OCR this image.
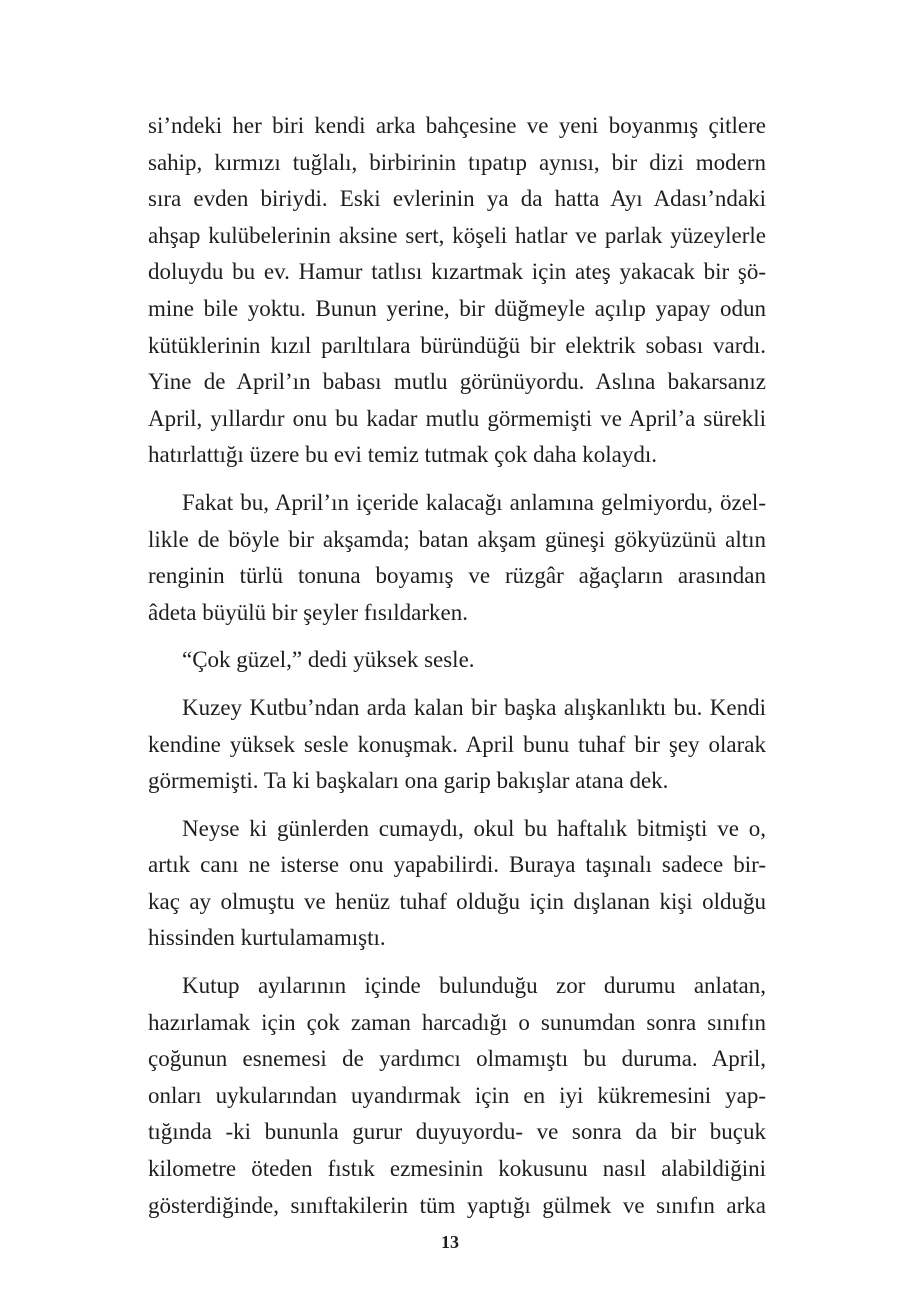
si’ndeki her biri kendi arka bahçesine ve yeni boyanmış çitlere
sahip, kırmızı tuğlalı, birbirinin tıpatıp aynısı, bir dizi modern
sıra evden biriydi. Eski evlerinin ya da hatta Ayı Adası’ndaki
ahşap kulübelerinin aksine sert, köşeli hatlar ve parlak yüzeylerle
doluydu bu ev. Hamur tatlısı kızartmak için ateş yakacak bir şö-
mine bile yoktu. Bunun yerine, bir düğmeyle açılıp yapay odun
kütüklerinin kızıl parıltılara büründüğü bir elektrik sobası vardı.
Yine de April’ın babası mutlu görünüyordu. Aslına bakarsanız
April, yıllardır onu bu kadar mutlu görmemişti ve April’a sürekli
hatırlattığı üzere bu evi temiz tutmak çok daha kolaydı.
Fakat bu, April’ın içeride kalacağı anlamına gelmiyordu, özel-
likle de böyle bir akşamda; batan akşam güneşi gökyüzünü altın
renginin türlü tonuna boyamış ve rüzgâr ağaçların arasından
âdeta büyülü bir şeyler fısıldarken.
“Çok güzel,” dedi yüksek sesle.
Kuzey Kutbu’ndan arda kalan bir başka alışkanlıktı bu. Kendi
kendine yüksek sesle konuşmak. April bunu tuhaf bir şey olarak
görmemişti. Ta ki başkaları ona garip bakışlar atana dek.
Neyse ki günlerden cumaydı, okul bu haftalık bitmişti ve o,
artık canı ne isterse onu yapabilirdi. Buraya taşınalı sadece bir-
kaç ay olmuştu ve henüz tuhaf olduğu için dışlanan kişi olduğu
hissinden kurtulamamıştı.
Kutup ayılarının içinde bulunduğu zor durumu anlatan,
hazırlamak için çok zaman harcadığı o sunumdan sonra sınıfın
çoğunun esnemesi de yardımcı olmamıştı bu duruma. April,
onları uykularından uyandırmak için en iyi kükremesini yap-
tığında -ki bununla gurur duyuyordu- ve sonra da bir buçuk
kilometre öteden fıstık ezmesinin kokusunu nasıl alabildiğini
gösterdiğinde, sınıftakilerin tüm yaptığı gülmek ve sınıfın arka
13
